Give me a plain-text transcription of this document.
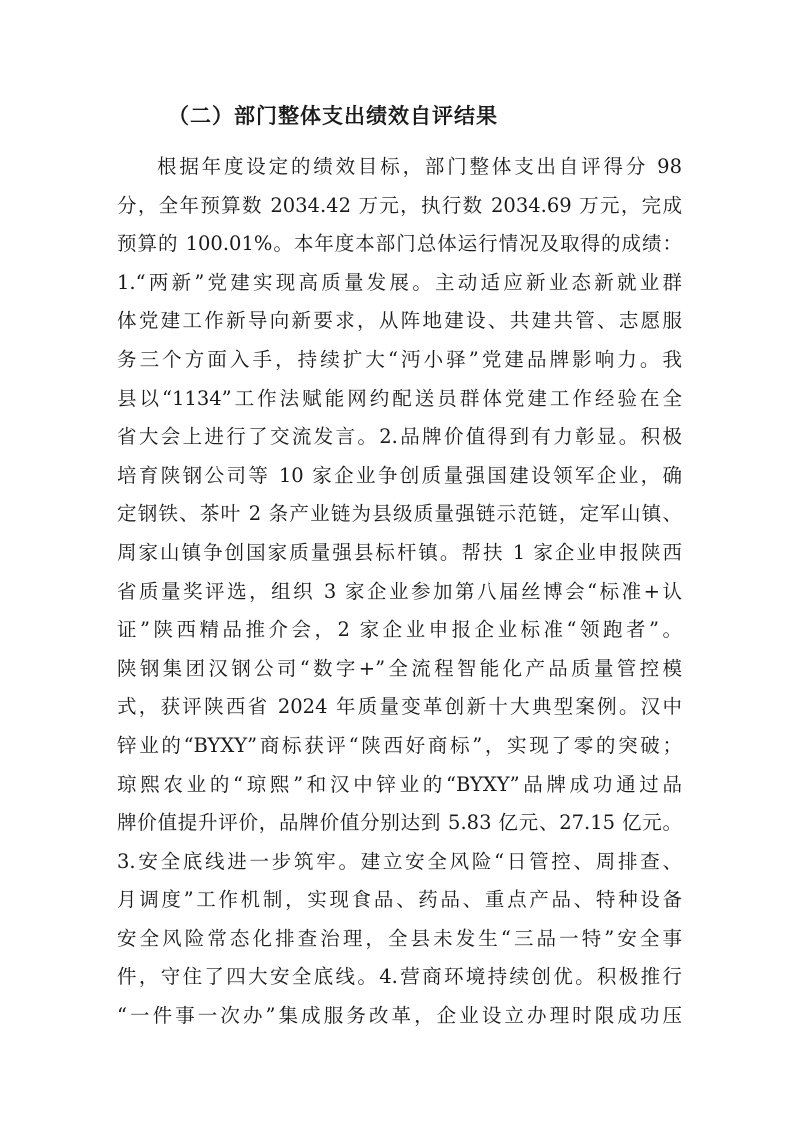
（二）部门整体支出绩效自评结果
根据年度设定的绩效目标，部门整体支出自评得分 98
分，全年预算数 2034.42 万元，执行数 2034.69 万元，完成
预算的 100.01%。本年度本部门总体运行情况及取得的成绩：
1.“两新”党建实现高质量发展。主动适应新业态新就业群
体党建工作新导向新要求，从阵地建设、共建共管、志愿服
务三个方面入手，持续扩大“沔小驿”党建品牌影响力。我
县以“1134”工作法赋能网约配送员群体党建工作经验在全
省大会上进行了交流发言。2.品牌价值得到有力彰显。积极
培育陕钢公司等 10 家企业争创质量强国建设领军企业，确
定钢铁、茶叶 2 条产业链为县级质量强链示范链，定军山镇、
周家山镇争创国家质量强县标杆镇。帮扶 1 家企业申报陕西
省质量奖评选，组织 3 家企业参加第八届丝博会“标准+认
证”陕西精品推介会，2 家企业申报企业标准“领跑者”。
陕钢集团汉钢公司“数字+”全流程智能化产品质量管控模
式，获评陕西省 2024 年质量变革创新十大典型案例。汉中
锌业的“BYXY”商标获评“陕西好商标”，实现了零的突破；
琼熙农业的“琼熙”和汉中锌业的“BYXY”品牌成功通过品
牌价值提升评价，品牌价值分别达到 5.83 亿元、27.15 亿元。
3.安全底线进一步筑牢。建立安全风险“日管控、周排查、
月调度”工作机制，实现食品、药品、重点产品、特种设备
安全风险常态化排查治理，全县未发生“三品一特”安全事
件，守住了四大安全底线。4.营商环境持续创优。积极推行
“一件事一次办”集成服务改革，企业设立办理时限成功压
